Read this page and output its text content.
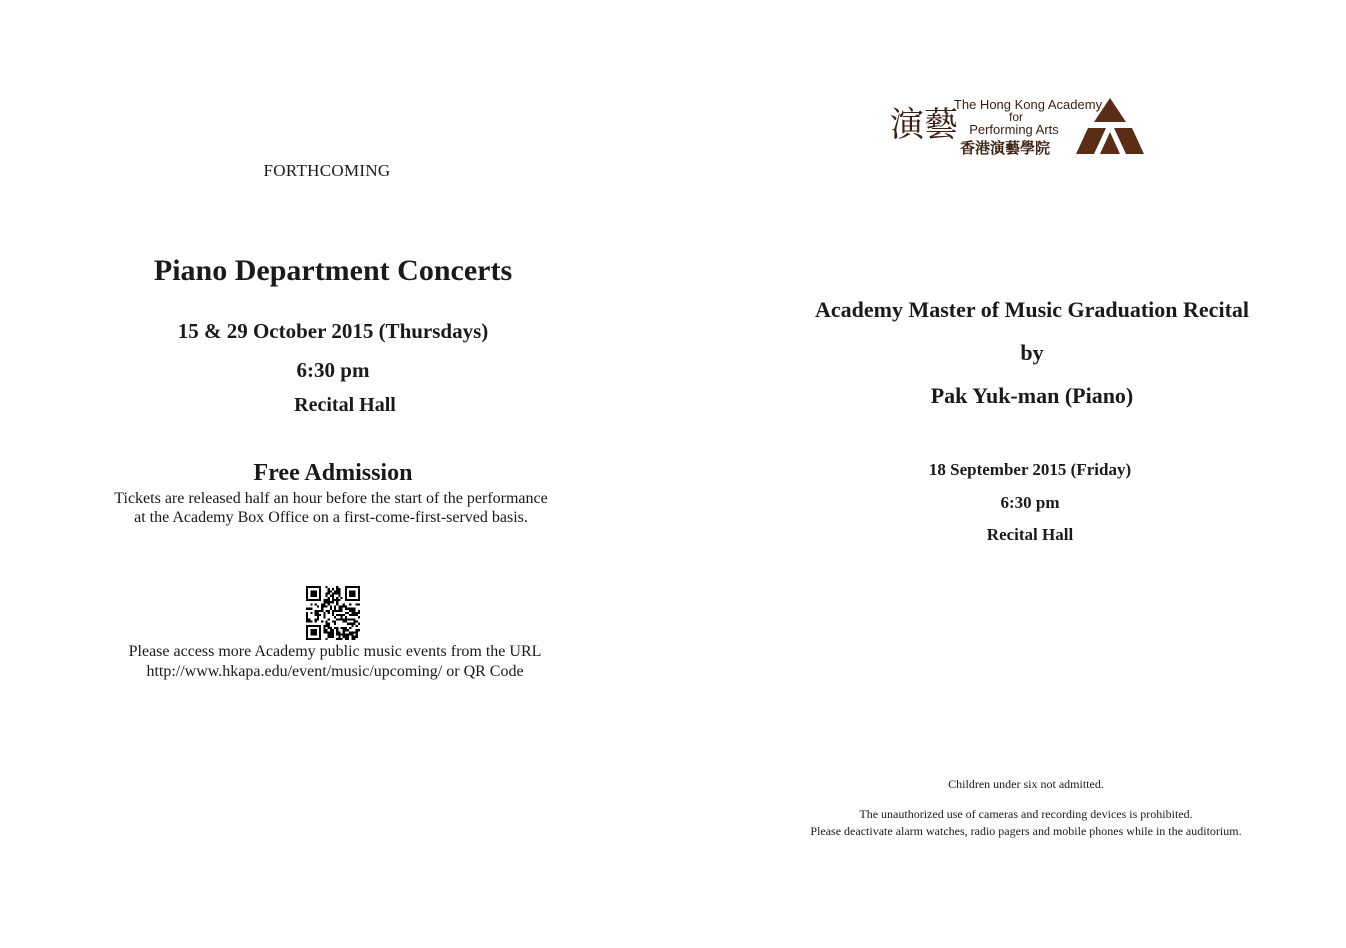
FORTHCOMING
Piano Department Concerts
15 & 29 October 2015 (Thursdays)
6:30 pm
Recital Hall
Free Admission
Tickets are released half an hour before the start of the performance
at the Academy Box Office on a first-come-first-served basis.
Please access more Academy public music events from the URL
http://www.hkapa.edu/event/music/upcoming/ or QR Code
演藝
The Hong Kong Academy
for
Performing Arts
香港演藝學院
Academy Master of Music Graduation Recital
by
Pak Yuk-man (Piano)
18 September 2015 (Friday)
6:30 pm
Recital Hall
Children under six not admitted.
The unauthorized use of cameras and recording devices is prohibited.
Please deactivate alarm watches, radio pagers and mobile phones while in the auditorium.
